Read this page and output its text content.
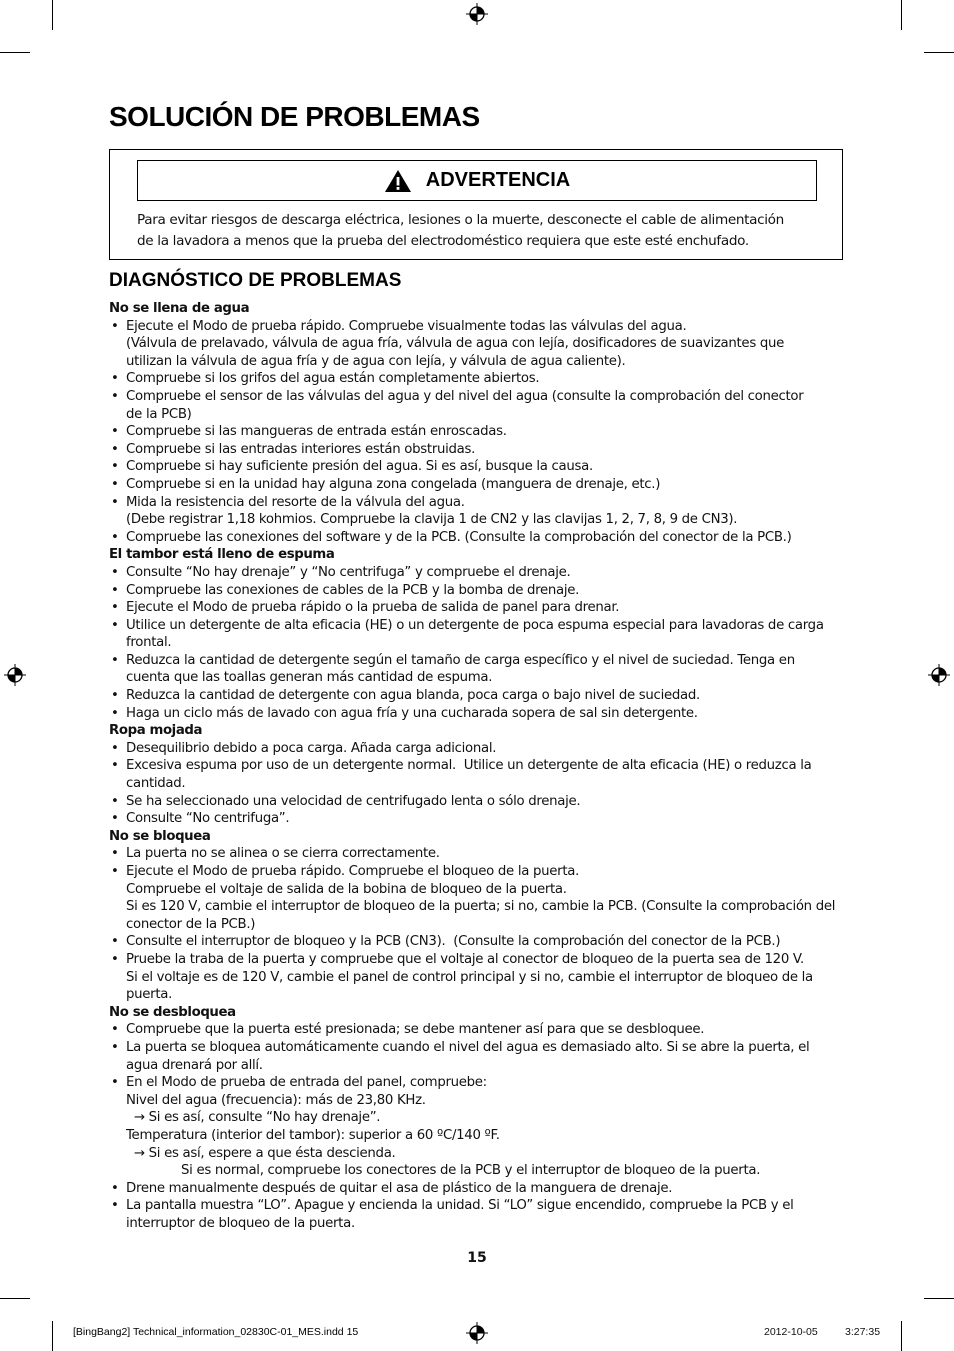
SOLUCIÓN DE PROBLEMAS
ADVERTENCIA

Para evitar riesgos de descarga eléctrica, lesiones o la muerte, desconecte el cable de alimentación
de la lavadora a menos que la prueba del electrodoméstico requiera que este esté enchufado.

DIAGNÓSTICO DE PROBLEMAS
No se llena de agua
• Ejecute el Modo de prueba rápido. Compruebe visualmente todas las válvulas del agua.
(Válvula de prelavado, válvula de agua fría, válvula de agua con lejía, dosificadores de suavizantes que
utilizan la válvula de agua fría y de agua con lejía, y válvula de agua caliente).
• Compruebe si los grifos del agua están completamente abiertos.
• Compruebe el sensor de las válvulas del agua y del nivel del agua (consulte la comprobación del conector
de la PCB)
• Compruebe si las mangueras de entrada están enroscadas.
• Compruebe si las entradas interiores están obstruidas.
• Compruebe si hay suficiente presión del agua. Si es así, busque la causa.
• Compruebe si en la unidad hay alguna zona congelada (manguera de drenaje, etc.)
• Mida la resistencia del resorte de la válvula del agua.
(Debe registrar 1,18 kohmios. Compruebe la clavija 1 de CN2 y las clavijas 1, 2, 7, 8, 9 de CN3).
• Compruebe las conexiones del software y de la PCB. (Consulte la comprobación del conector de la PCB.)
El tambor está lleno de espuma
• Consulte “No hay drenaje” y “No centrifuga” y compruebe el drenaje.
• Compruebe las conexiones de cables de la PCB y la bomba de drenaje.
• Ejecute el Modo de prueba rápido o la prueba de salida de panel para drenar.
• Utilice un detergente de alta eficacia (HE) o un detergente de poca espuma especial para lavadoras de carga
frontal.
• Reduzca la cantidad de detergente según el tamaño de carga específico y el nivel de suciedad. Tenga en
cuenta que las toallas generan más cantidad de espuma.
• Reduzca la cantidad de detergente con agua blanda, poca carga o bajo nivel de suciedad.
• Haga un ciclo más de lavado con agua fría y una cucharada sopera de sal sin detergente.
Ropa mojada
• Desequilibrio debido a poca carga. Añada carga adicional.
• Excesiva espuma por uso de un detergente normal.  Utilice un detergente de alta eficacia (HE) o reduzca la
cantidad.
• Se ha seleccionado una velocidad de centrifugado lenta o sólo drenaje.
• Consulte “No centrifuga”.
No se bloquea
• La puerta no se alinea o se cierra correctamente.
• Ejecute el Modo de prueba rápido. Compruebe el bloqueo de la puerta.
Compruebe el voltaje de salida de la bobina de bloqueo de la puerta.
Si es 120 V, cambie el interruptor de bloqueo de la puerta; si no, cambie la PCB. (Consulte la comprobación del
conector de la PCB.)
• Consulte el interruptor de bloqueo y la PCB (CN3).  (Consulte la comprobación del conector de la PCB.)
• Pruebe la traba de la puerta y compruebe que el voltaje al conector de bloqueo de la puerta sea de 120 V.
Si el voltaje es de 120 V, cambie el panel de control principal y si no, cambie el interruptor de bloqueo de la
puerta.
No se desbloquea
• Compruebe que la puerta esté presionada; se debe mantener así para que se desbloquee.
• La puerta se bloquea automáticamente cuando el nivel del agua es demasiado alto. Si se abre la puerta, el
agua drenará por allí.
• En el Modo de prueba de entrada del panel, compruebe:
Nivel del agua (frecuencia): más de 23,80 KHz.
→ Si es así, consulte “No hay drenaje”.
Temperatura (interior del tambor): superior a 60 ºC/140 ºF.
→ Si es así, espere a que ésta descienda.
Si es normal, compruebe los conectores de la PCB y el interruptor de bloqueo de la puerta.
• Drene manualmente después de quitar el asa de plástico de la manguera de drenaje.
• La pantalla muestra “LO”. Apague y encienda la unidad. Si “LO” sigue encendido, compruebe la PCB y el
interruptor de bloqueo de la puerta.
15
[BingBang2] Technical_information_02830C-01_MES.indd 15	2012-10-05	3:27:35
